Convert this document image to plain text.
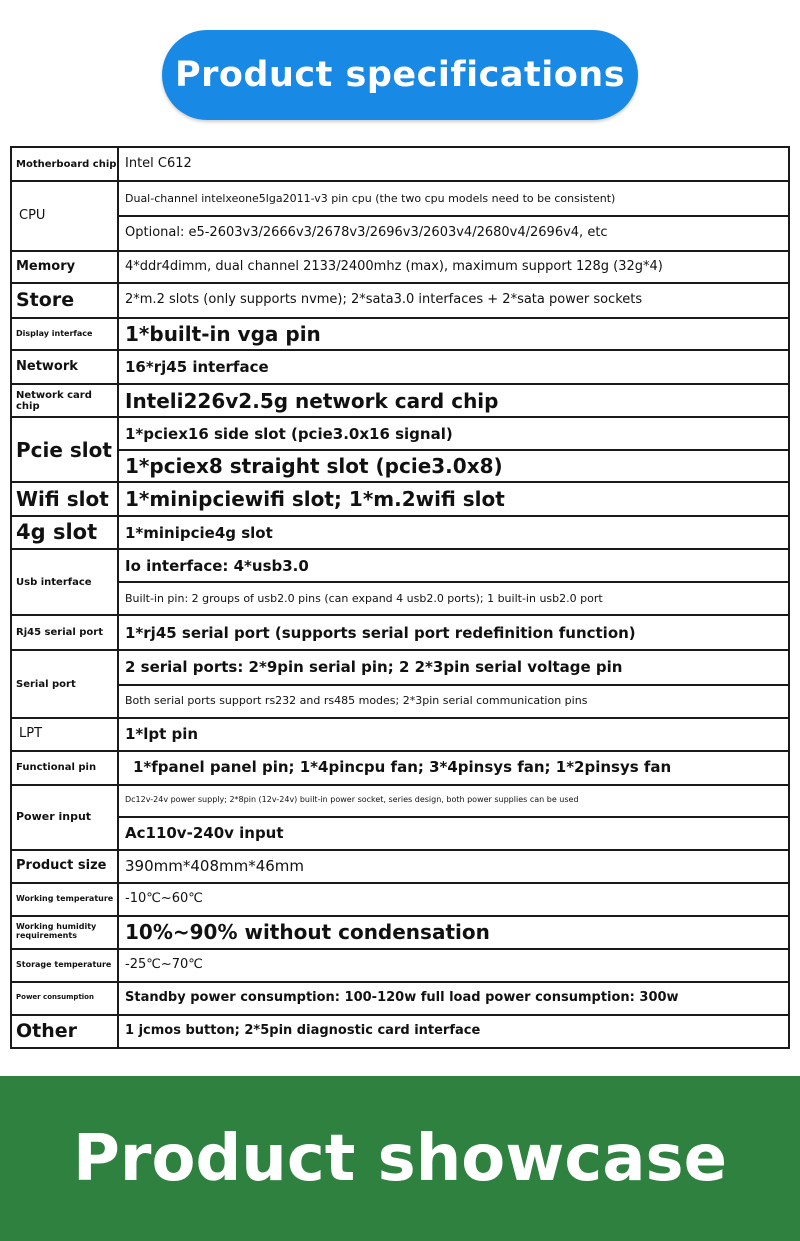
Product specifications
Motherboard chip	Intel C612
CPU	Dual-channel intelxeone5lga2011-v3 pin cpu (the two cpu models need to be consistent)
	Optional: e5-2603v3/2666v3/2678v3/2696v3/2603v4/2680v4/2696v4, etc
Memory	4*ddr4dimm, dual channel 2133/2400mhz (max), maximum support 128g (32g*4)
Store	2*m.2 slots (only supports nvme); 2*sata3.0 interfaces + 2*sata power sockets
Display interface	1*built-in vga pin
Network	16*rj45 interface
Network card chip	Inteli226v2.5g network card chip
Pcie slot	1*pciex16 side slot (pcie3.0x16 signal)
	1*pciex8 straight slot (pcie3.0x8)
Wifi slot	1*minipciewifi slot; 1*m.2wifi slot
4g slot	1*minipcie4g slot
Usb interface	Io interface: 4*usb3.0
	Built-in pin: 2 groups of usb2.0 pins (can expand 4 usb2.0 ports); 1 built-in usb2.0 port
Rj45 serial port	1*rj45 serial port (supports serial port redefinition function)
Serial port	2 serial ports: 2*9pin serial pin; 2 2*3pin serial voltage pin
	Both serial ports support rs232 and rs485 modes; 2*3pin serial communication pins
LPT	1*lpt pin
Functional pin	1*fpanel panel pin; 1*4pincpu fan; 3*4pinsys fan; 1*2pinsys fan
Power input	Dc12v-24v power supply; 2*8pin (12v-24v) built-in power socket, series design, both power supplies can be used
	Ac110v-240v input
Product size	390mm*408mm*46mm
Working temperature	-10℃~60℃
Working humidity requirements	10%~90% without condensation
Storage temperature	-25℃~70℃
Power consumption	Standby power consumption: 100-120w full load power consumption: 300w
Other	1 jcmos button; 2*5pin diagnostic card interface
Product showcase
